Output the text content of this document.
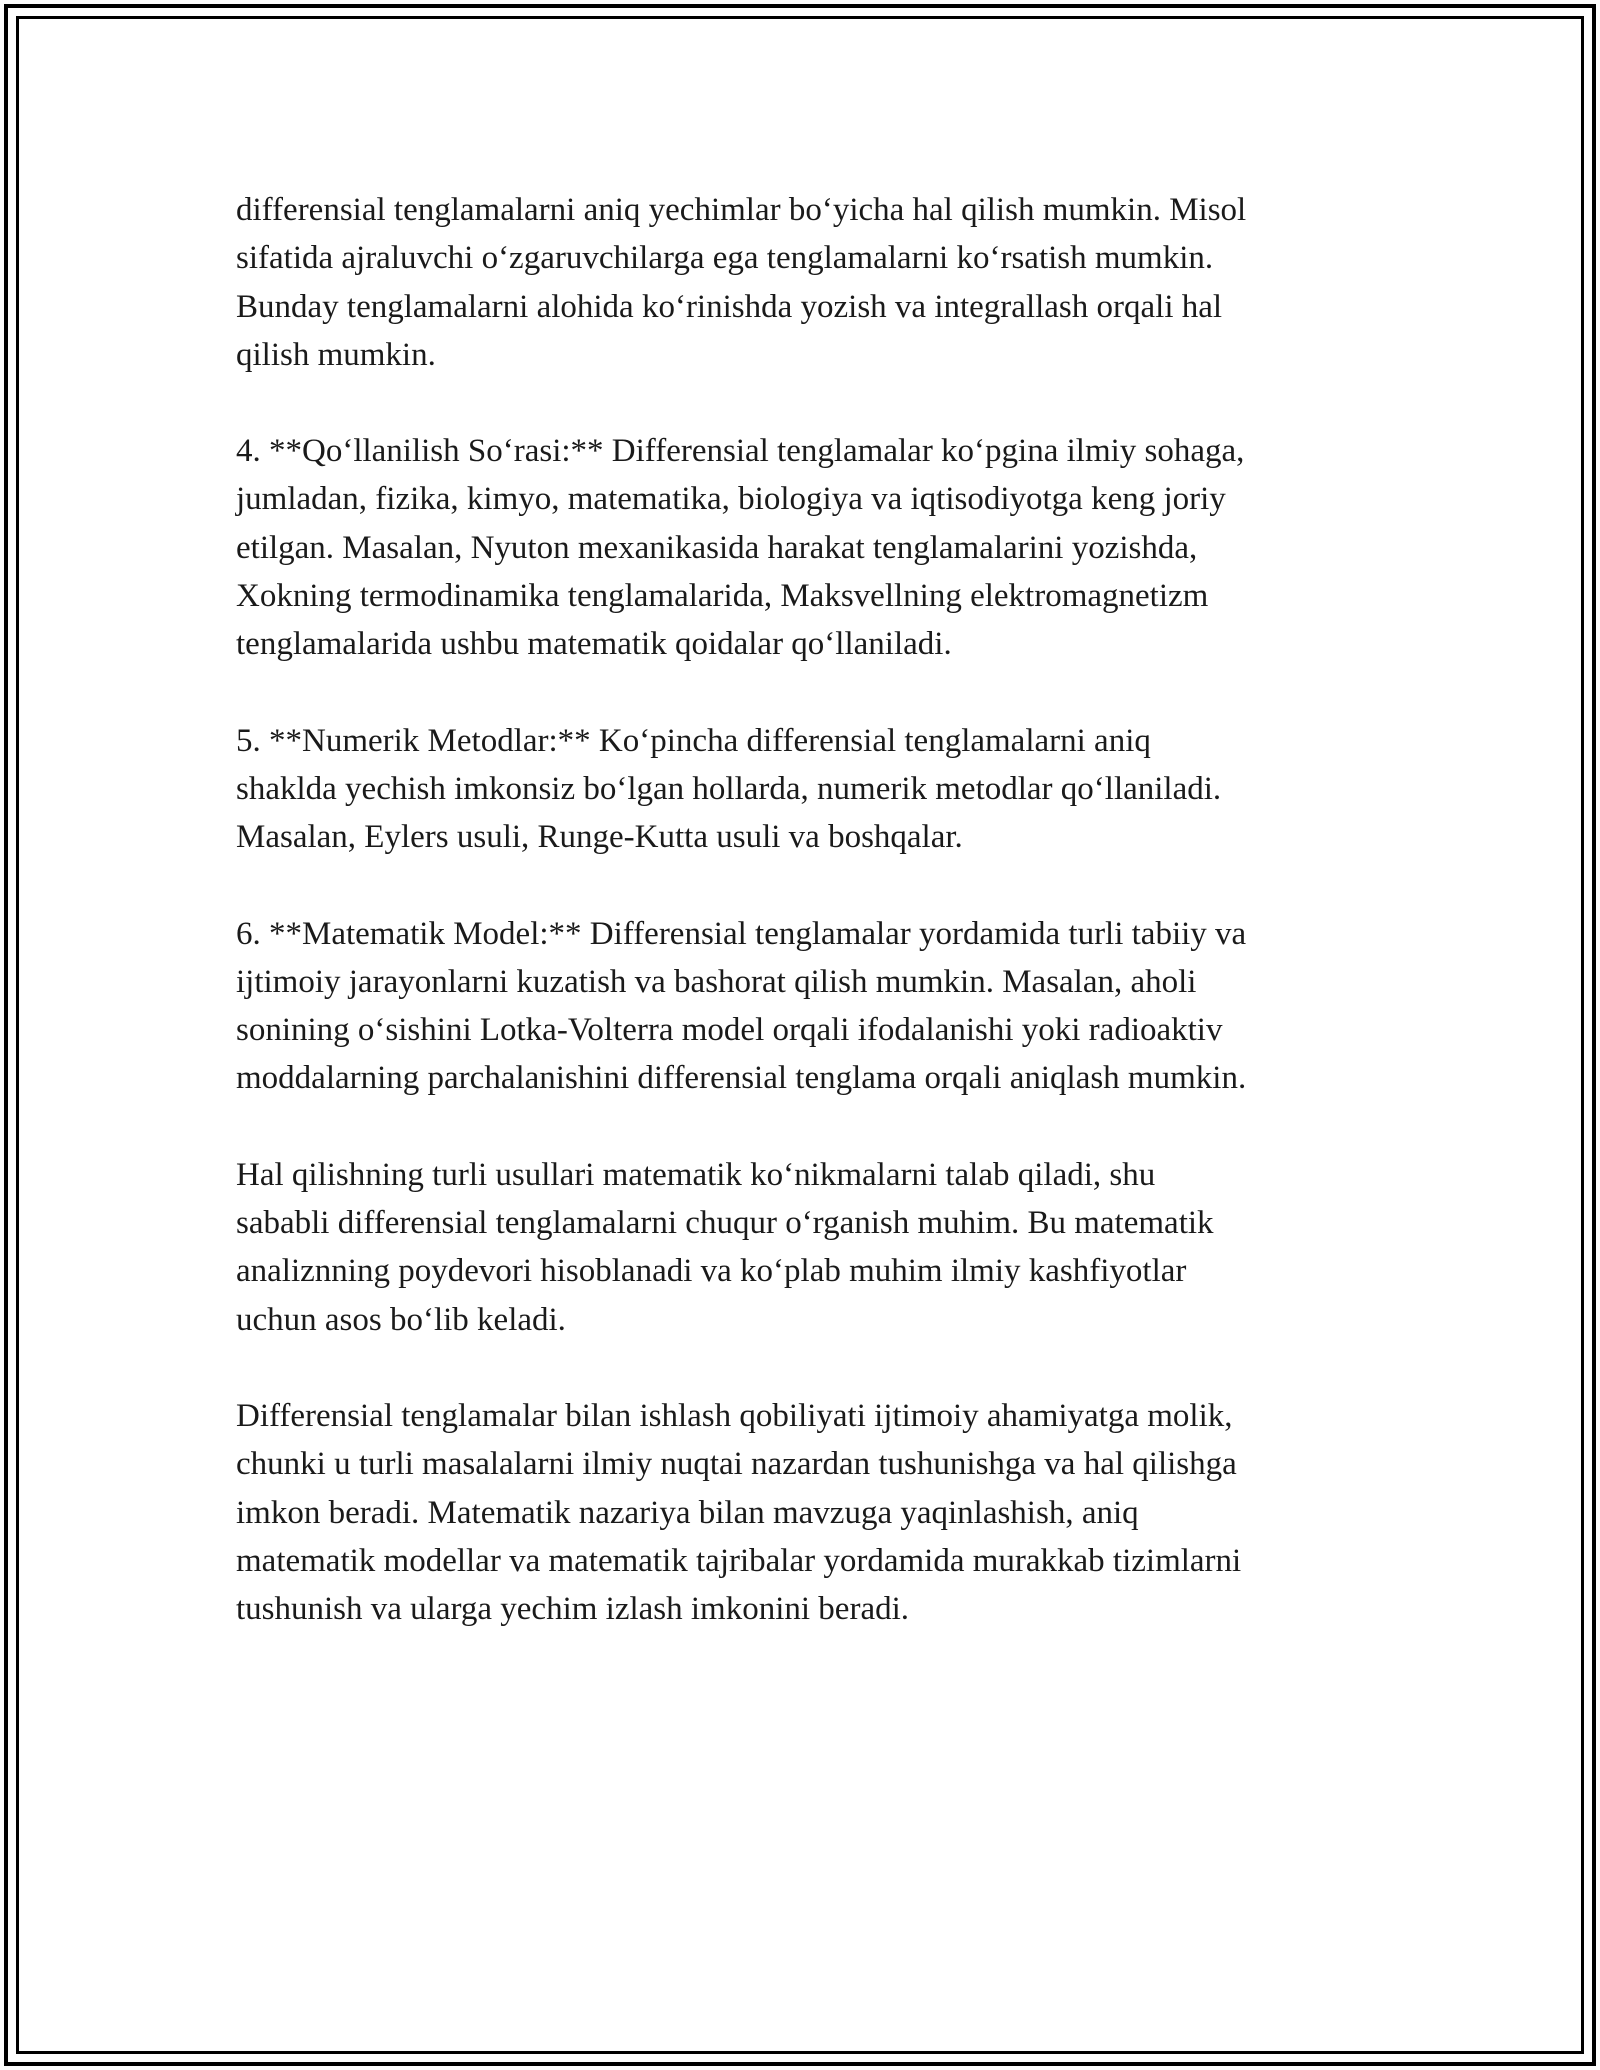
differensial tenglamalarni aniq yechimlar bo‘yicha hal qilish mumkin. Misol
sifatida ajraluvchi o‘zgaruvchilarga ega tenglamalarni ko‘rsatish mumkin.
Bunday tenglamalarni alohida ko‘rinishda yozish va integrallash orqali hal
qilish mumkin.

4. **Qo‘llanilish So‘rasi:** Differensial tenglamalar ko‘pgina ilmiy sohaga,
jumladan, fizika, kimyo, matematika, biologiya va iqtisodiyotga keng joriy
etilgan. Masalan, Nyuton mexanikasida harakat tenglamalarini yozishda,
Xokning termodinamika tenglamalarida, Maksvellning elektromagnetizm
tenglamalarida ushbu matematik qoidalar qo‘llaniladi.

5. **Numerik Metodlar:** Ko‘pincha differensial tenglamalarni aniq
shakldа yechish imkonsiz bo‘lgan hollarda, numerik metodlar qo‘llaniladi.
Masalan, Eylers usuli, Runge-Kutta usuli va boshqalar.

6. **Matematik Model:** Differensial tenglamalar yordamida turli tabiiy va
ijtimoiy jarayonlarni kuzatish va bashorat qilish mumkin. Masalan, aholi
sonining o‘sishini Lotka-Volterra model orqali ifodalanishi yoki radioaktiv
moddalarning parchalanishini differensial tenglama orqali aniqlash mumkin.

Hal qilishning turli usullari matematik ko‘nikmalarni talab qiladi, shu
sababli differensial tenglamalarni chuqur o‘rganish muhim. Bu matematik
analiznning poydevori hisoblanadi va ko‘plab muhim ilmiy kashfiyotlar
uchun asos bo‘lib keladi.

Differensial tenglamalar bilan ishlash qobiliyati ijtimoiy ahamiyatga molik,
chunki u turli masalalarni ilmiy nuqtai nazardan tushunishga va hal qilishga
imkon beradi. Matematik nazariya bilan mavzuga yaqinlashish, aniq
matematik modellar va matematik tajribalar yordamida murakkab tizimlarni
tushunish va ularga yechim izlash imkonini beradi.
